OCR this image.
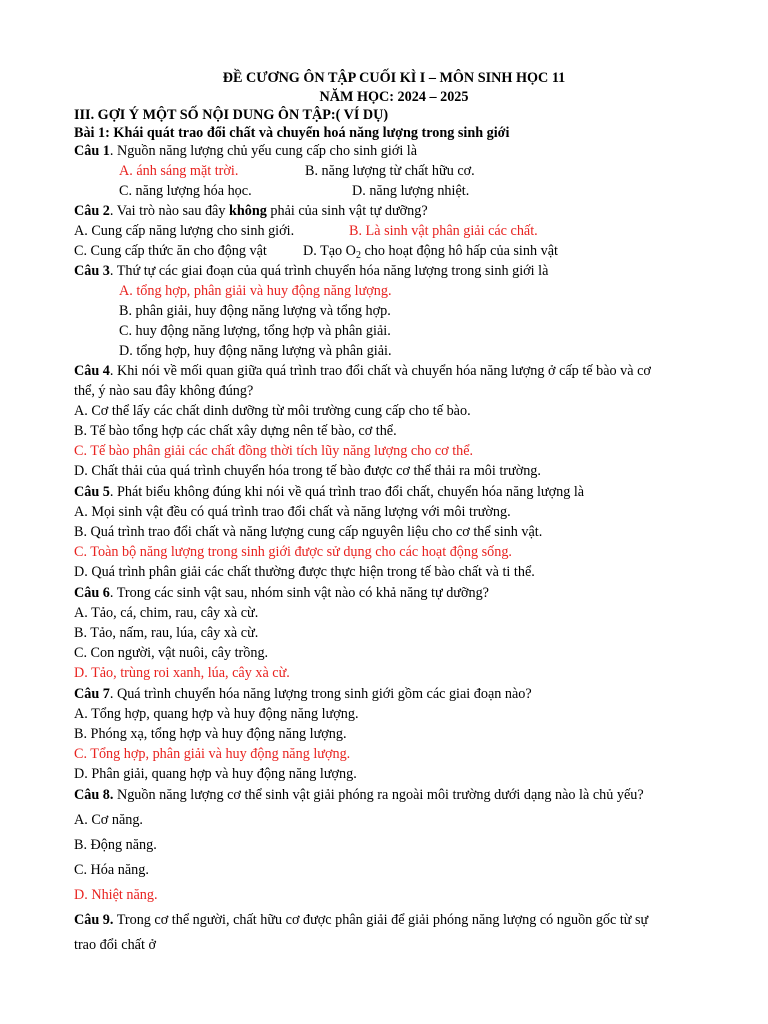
ĐỀ CƯƠNG ÔN TẬP CUỐI KÌ I – MÔN SINH HỌC 11
NĂM HỌC: 2024 – 2025
III. GỢI Ý MỘT SỐ NỘI DUNG ÔN TẬP:( VÍ DỤ)
Bài 1: Khái quát trao đổi chất và chuyển hoá năng lượng trong sinh giới
Câu 1. Nguồn năng lượng chủ yếu cung cấp cho sinh giới là
A. ánh sáng mặt trời.	B. năng lượng từ chất hữu cơ.
C. năng lượng hóa học.	D. năng lượng nhiệt.
Câu 2. Vai trò nào sau đây không phải của sinh vật tự dưỡng?
A. Cung cấp năng lượng cho sinh giới.	B. Là sinh vật phân giải các chất.
C. Cung cấp thức ăn cho động vật	D. Tạo $O_2$ cho hoạt động hô hấp của sinh vật
Câu 3. Thứ tự các giai đoạn của quá trình chuyển hóa năng lượng trong sinh giới là
A. tổng hợp, phân giải và huy động năng lượng.
B. phân giải, huy động năng lượng và tổng hợp.
C. huy động năng lượng, tổng hợp và phân giải.
D. tổng hợp, huy động năng lượng và phân giải.
Câu 4. Khi nói về mối quan giữa quá trình trao đổi chất và chuyển hóa năng lượng ở cấp tế bào và cơ
thể, ý nào sau đây không đúng?
A. Cơ thể lấy các chất dinh dưỡng từ môi trường cung cấp cho tế bào.
B. Tế bào tổng hợp các chất xây dựng nên tế bào, cơ thể.
C. Tế bào phân giải các chất đồng thời tích lũy năng lượng cho cơ thể.
D. Chất thải của quá trình chuyển hóa trong tế bào được cơ thể thải ra môi trường.
Câu 5. Phát biểu không đúng khi nói về quá trình trao đổi chất, chuyển hóa năng lượng là
A. Mọi sinh vật đều có quá trình trao đổi chất và năng lượng với môi trường.
B. Quá trình trao đổi chất và năng lượng cung cấp nguyên liệu cho cơ thể sinh vật.
C. Toàn bộ năng lượng trong sinh giới được sử dụng cho các hoạt động sống.
D. Quá trình phân giải các chất thường được thực hiện trong tế bào chất và ti thể.
Câu 6. Trong các sinh vật sau, nhóm sinh vật nào có khả năng tự dưỡng?
A. Tảo, cá, chim, rau, cây xà cừ.
B. Tảo, nấm, rau, lúa, cây xà cừ.
C. Con người, vật nuôi, cây trồng.
D. Tảo, trùng roi xanh, lúa, cây xà cừ.
Câu 7. Quá trình chuyển hóa năng lượng trong sinh giới gồm các giai đoạn nào?
A. Tổng hợp, quang hợp và huy động năng lượng.
B. Phóng xạ, tổng hợp và huy động năng lượng.
C. Tổng hợp, phân giải và huy động năng lượng.
D. Phân giải, quang hợp và huy động năng lượng.
Câu 8. Nguồn năng lượng cơ thể sinh vật giải phóng ra ngoài môi trường dưới dạng nào là chủ yếu?
A. Cơ năng.
B. Động năng.
C. Hóa năng.
D. Nhiệt năng.
Câu 9. Trong cơ thể người, chất hữu cơ được phân giải để giải phóng năng lượng có nguồn gốc từ sự
trao đổi chất ở
